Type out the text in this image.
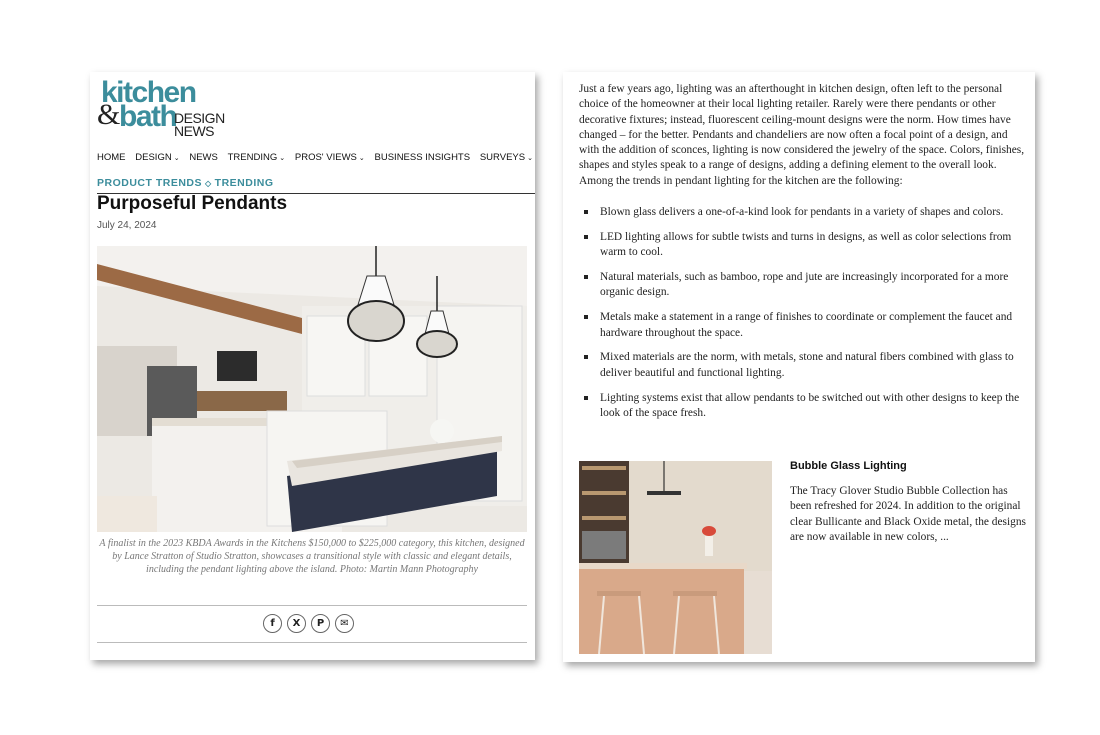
kitchen
&
bath
DESIGN
NEWS
HOME DESIGN ⌄ NEWS TRENDING ⌄ PROS' VIEWS ⌄ BUSINESS INSIGHTS SURVEYS ⌄
PRODUCT TRENDS ◇ TRENDING
Purposeful Pendants
July 24, 2024
A finalist in the 2023 KBDA Awards in the Kitchens $150,000 to $225,000 category, this kitchen, designed by Lance Stratton of Studio Stratton, showcases a transitional style with classic and elegant details, including the pendant lighting above the island. Photo: Martin Mann Photography
f	X	P	✉

Just a few years ago, lighting was an afterthought in kitchen design, often left to the personal choice of the homeowner at their local lighting retailer. Rarely were there pendants or other decorative fixtures; instead, fluorescent ceiling-mount designs were the norm. How times have changed – for the better. Pendants and chandeliers are now often a focal point of a design, and with the addition of sconces, lighting is now considered the jewelry of the space. Colors, finishes, shapes and styles speak to a range of designs, adding a defining element to the overall look. Among the trends in pendant lighting for the kitchen are the following:

Blown glass delivers a one-of-a-kind look for pendants in a variety of shapes and colors.
LED lighting allows for subtle twists and turns in designs, as well as color selections from warm to cool.
Natural materials, such as bamboo, rope and jute are increasingly incorporated for a more organic design.
Metals make a statement in a range of finishes to coordinate or complement the faucet and hardware throughout the space.
Mixed materials are the norm, with metals, stone and natural fibers combined with glass to deliver beautiful and functional lighting.
Lighting systems exist that allow pendants to be switched out with other designs to keep the look of the space fresh.
Bubble Glass Lighting

The Tracy Glover Studio Bubble Collection has been refreshed for 2024. In addition to the original clear Bullicante and Black Oxide metal, the designs are now available in new colors, ...
